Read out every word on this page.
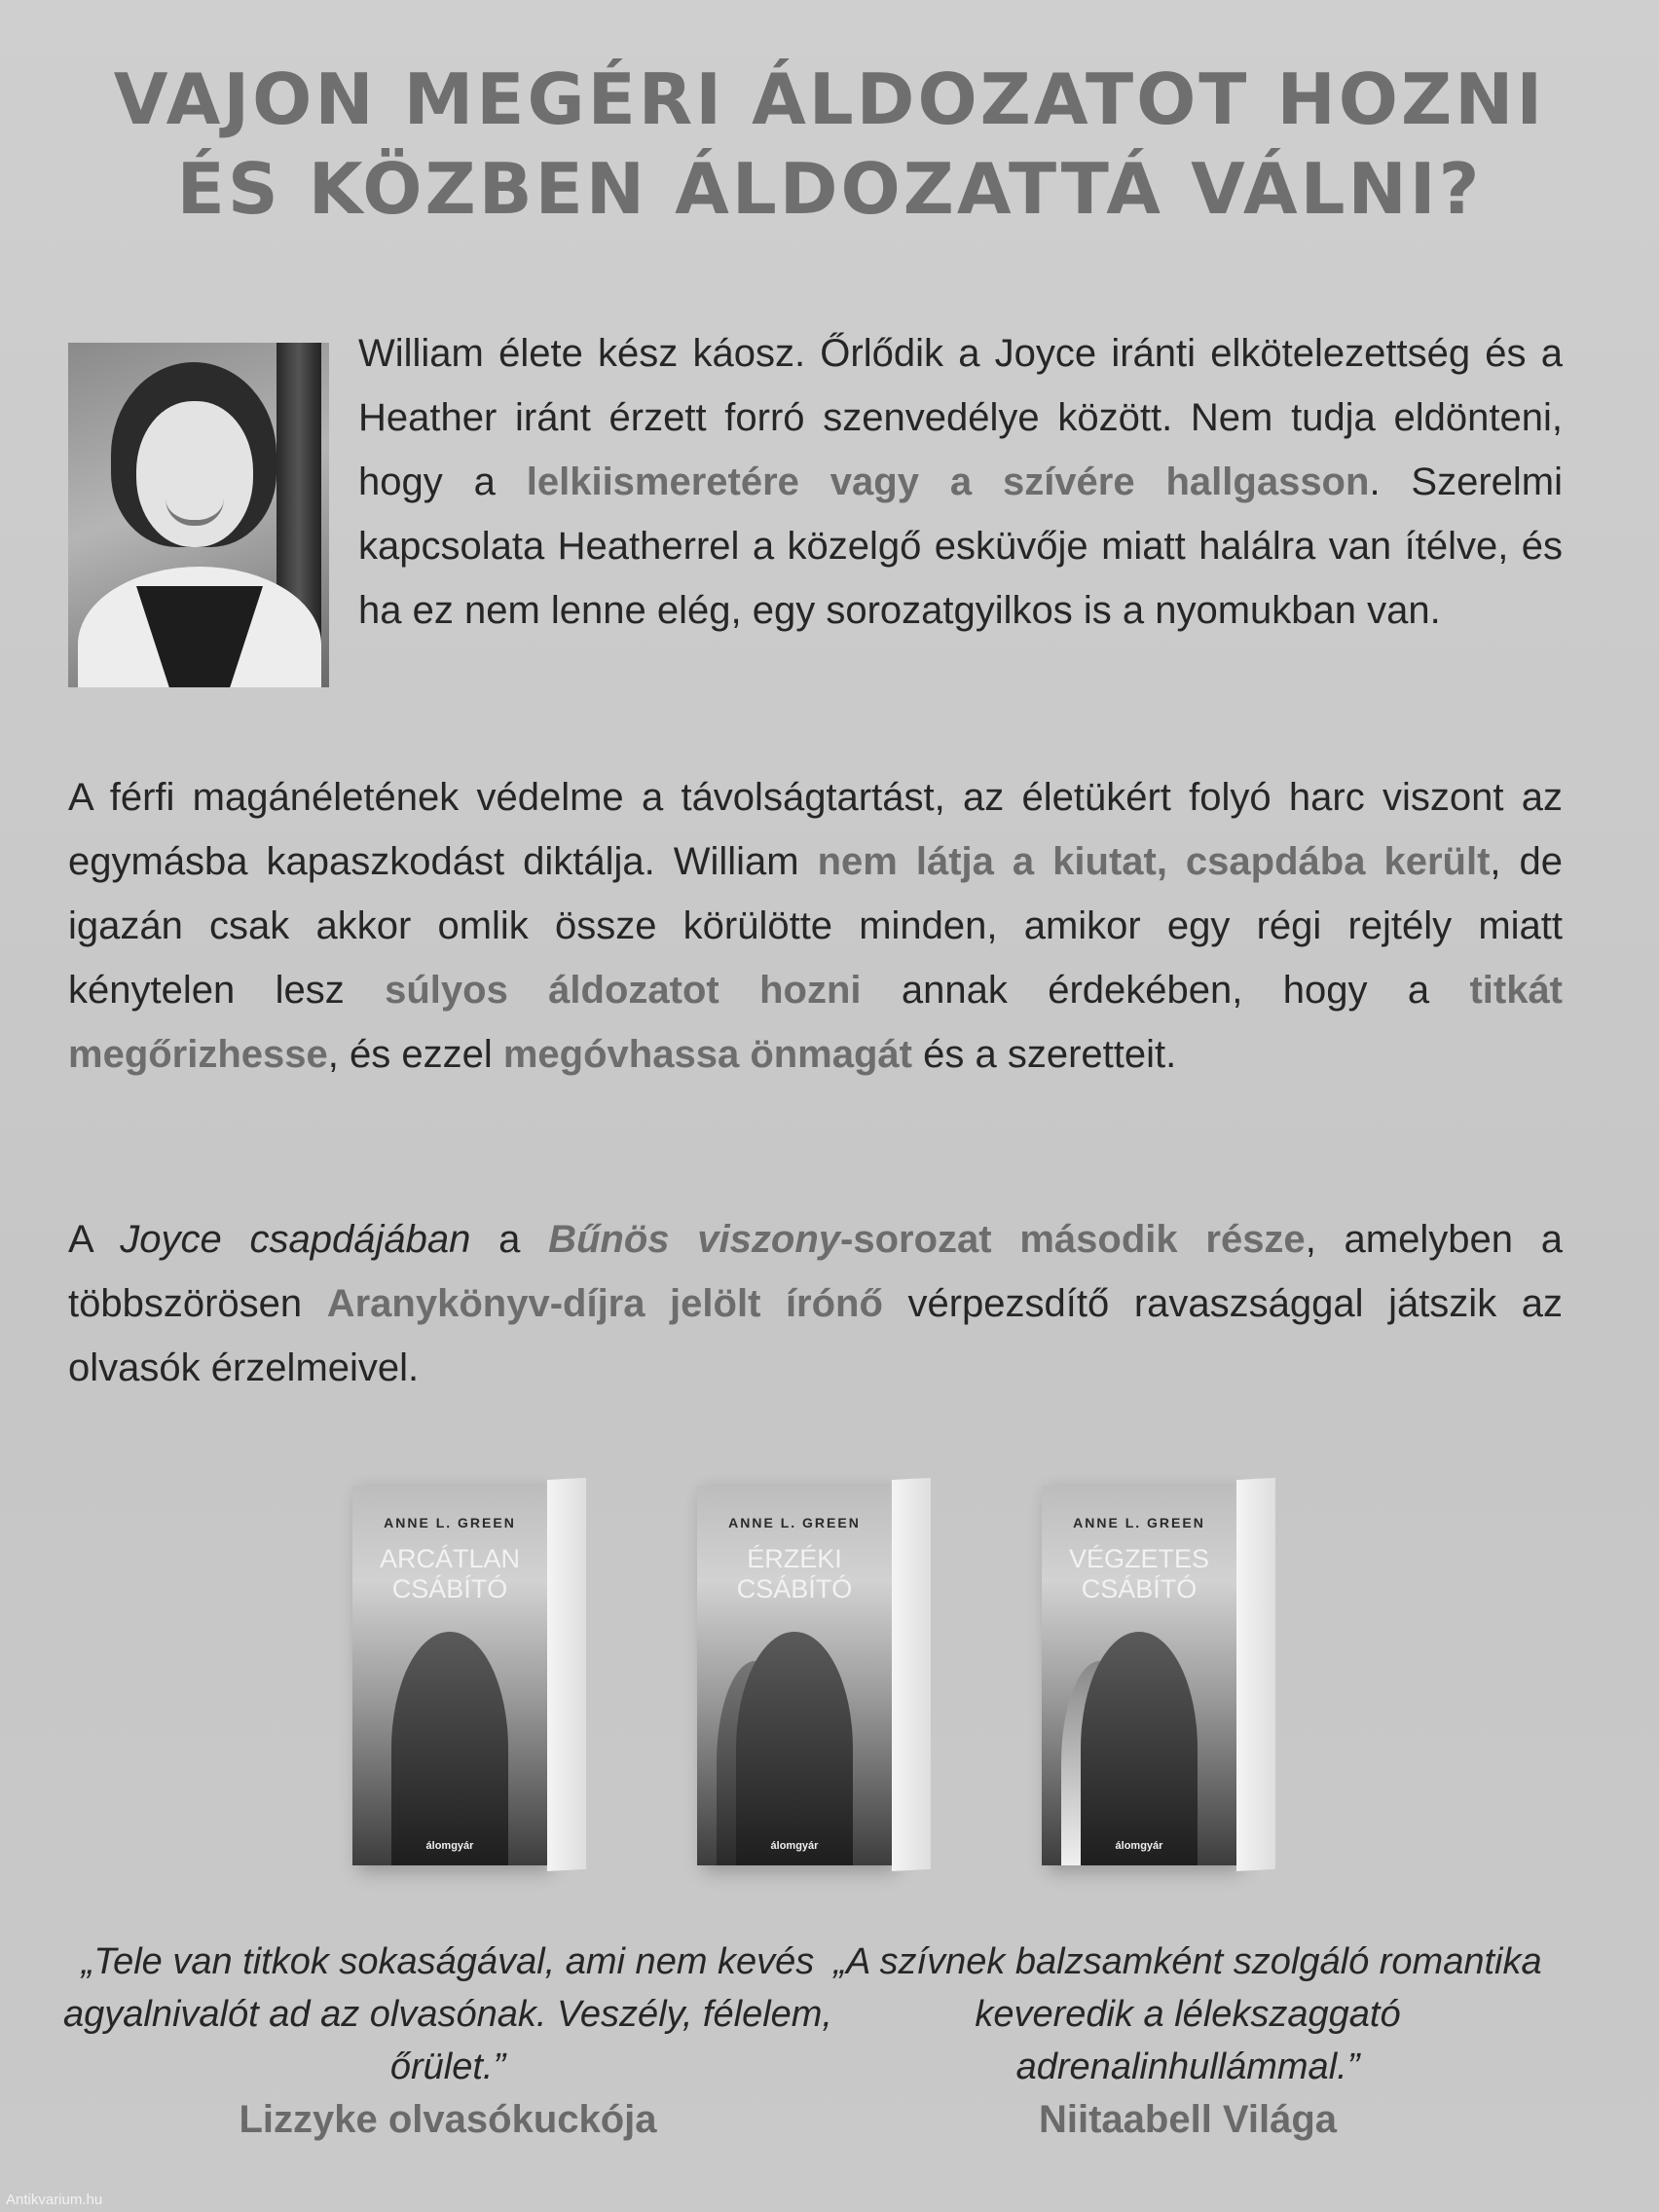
VAJON MEGÉRI ÁLDOZATOT HOZNI
ÉS KÖZBEN ÁLDOZATTÁ VÁLNI?
William élete kész káosz. Őrlődik a Joyce iránti elkötelezettség és a Heather iránt érzett forró szenvedélye között. Nem tudja eldönteni, hogy a lelkiismeretére vagy a szívére hallgasson. Szerelmi kapcsolata Heatherrel a közelgő esküvője miatt halálra van ítélve, és ha ez nem lenne elég, egy sorozatgyilkos is a nyomukban van.
A férfi magánéletének védelme a távolságtartást, az életükért folyó harc viszont az egymásba kapaszkodást diktálja. William nem látja a kiutat, csapdába került, de igazán csak akkor omlik össze körülötte minden, amikor egy régi rejtély miatt kénytelen lesz súlyos áldozatot hozni annak érdekében, hogy a titkát megőrizhesse, és ezzel megóvhassa önmagát és a szeretteit.
A Joyce csapdájában a Bűnös viszony-sorozat második része, amelyben a többszörösen Aranykönyv-díjra jelölt írónő vérpezsdítő ravaszsággal játszik az olvasók érzelmeivel.
ANNE L. GREEN
ARCÁTLAN
CSÁBÍTÓ
álomgyár
ANNE L. GREEN
ÉRZÉKI
CSÁBÍTÓ
álomgyár
ANNE L. GREEN
VÉGZETES
CSÁBÍTÓ
álomgyár
„Tele van titkok sokaságával, ami nem kevés agyalnivalót ad az olvasónak. Veszély, félelem, őrület.”
Lizzyke olvasókuckója
„A szívnek balzsamként szolgáló romantika keveredik a lélekszaggató adrenalinhullámmal.”
Niitaabell Világa
Antikvarium.hu
